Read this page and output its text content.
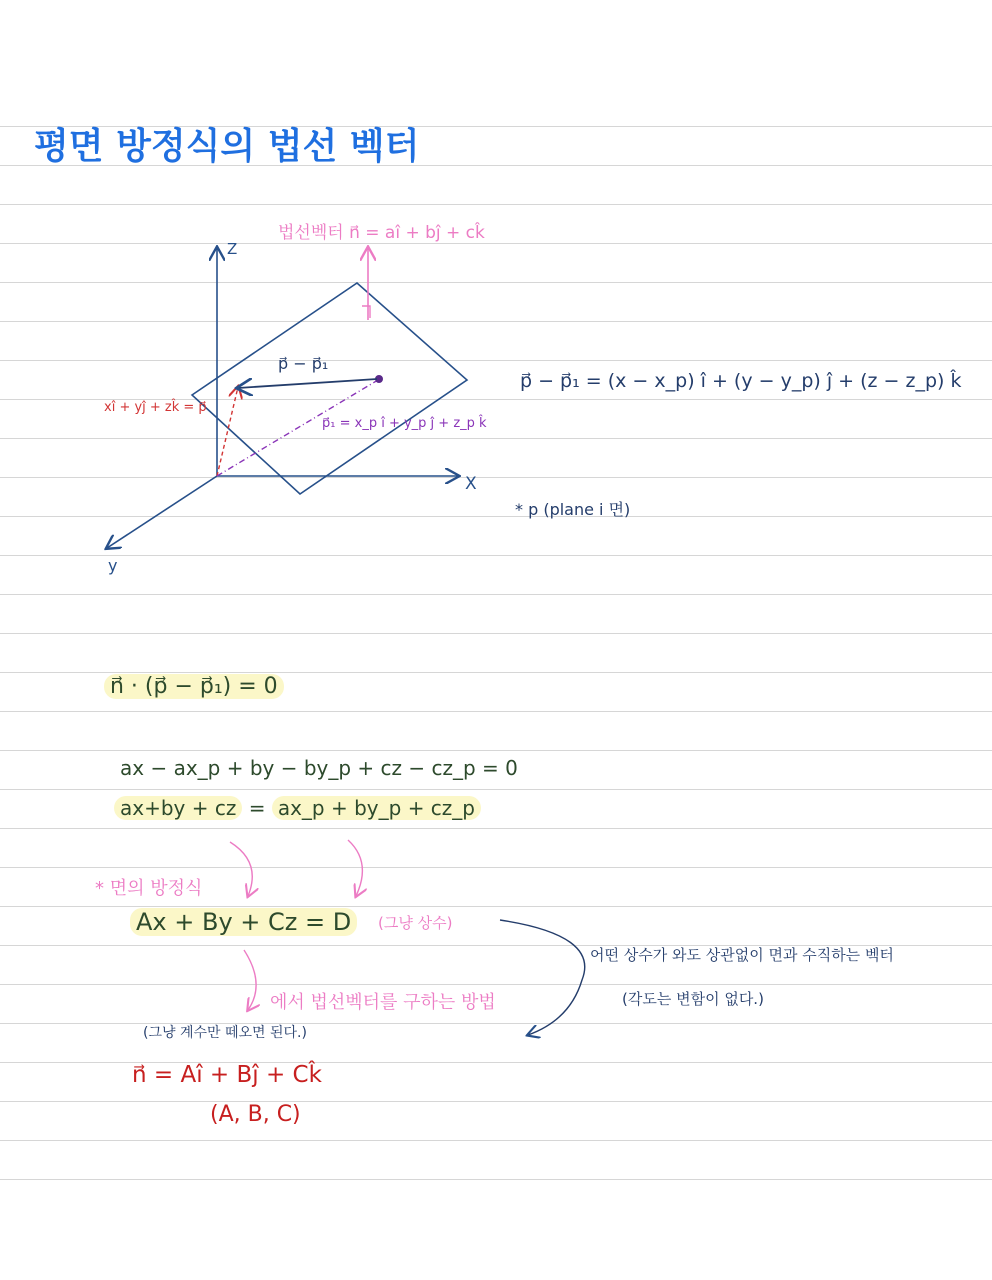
평면 방정식의 법선 벡터
법선벡터 n⃗ = aî + bĵ + ck̂
Z
X
y
p⃗ − p⃗₁
xî + yĵ + zk̂ = p⃗
p⃗₁ = x_p î + y_p ĵ + z_p k̂
p⃗ − p⃗₁ = (x − x_p) î + (y − y_p) ĵ + (z − z_p) k̂
* p (plane i 면)
n⃗ · (p⃗ − p⃗₁) = 0
ax − ax_p + by − by_p + cz − cz_p = 0
ax+by + cz = ax_p + by_p + cz_p
* 면의 방정식
Ax + By + Cz = D	(그냥 상수)
어떤 상수가 와도 상관없이 면과 수직하는 벡터
(각도는 변함이 없다.)
에서 법선벡터를 구하는 방법
(그냥 계수만 떼오면 된다.)
n⃗ = Aî + Bĵ + Ck̂
(A, B, C)
